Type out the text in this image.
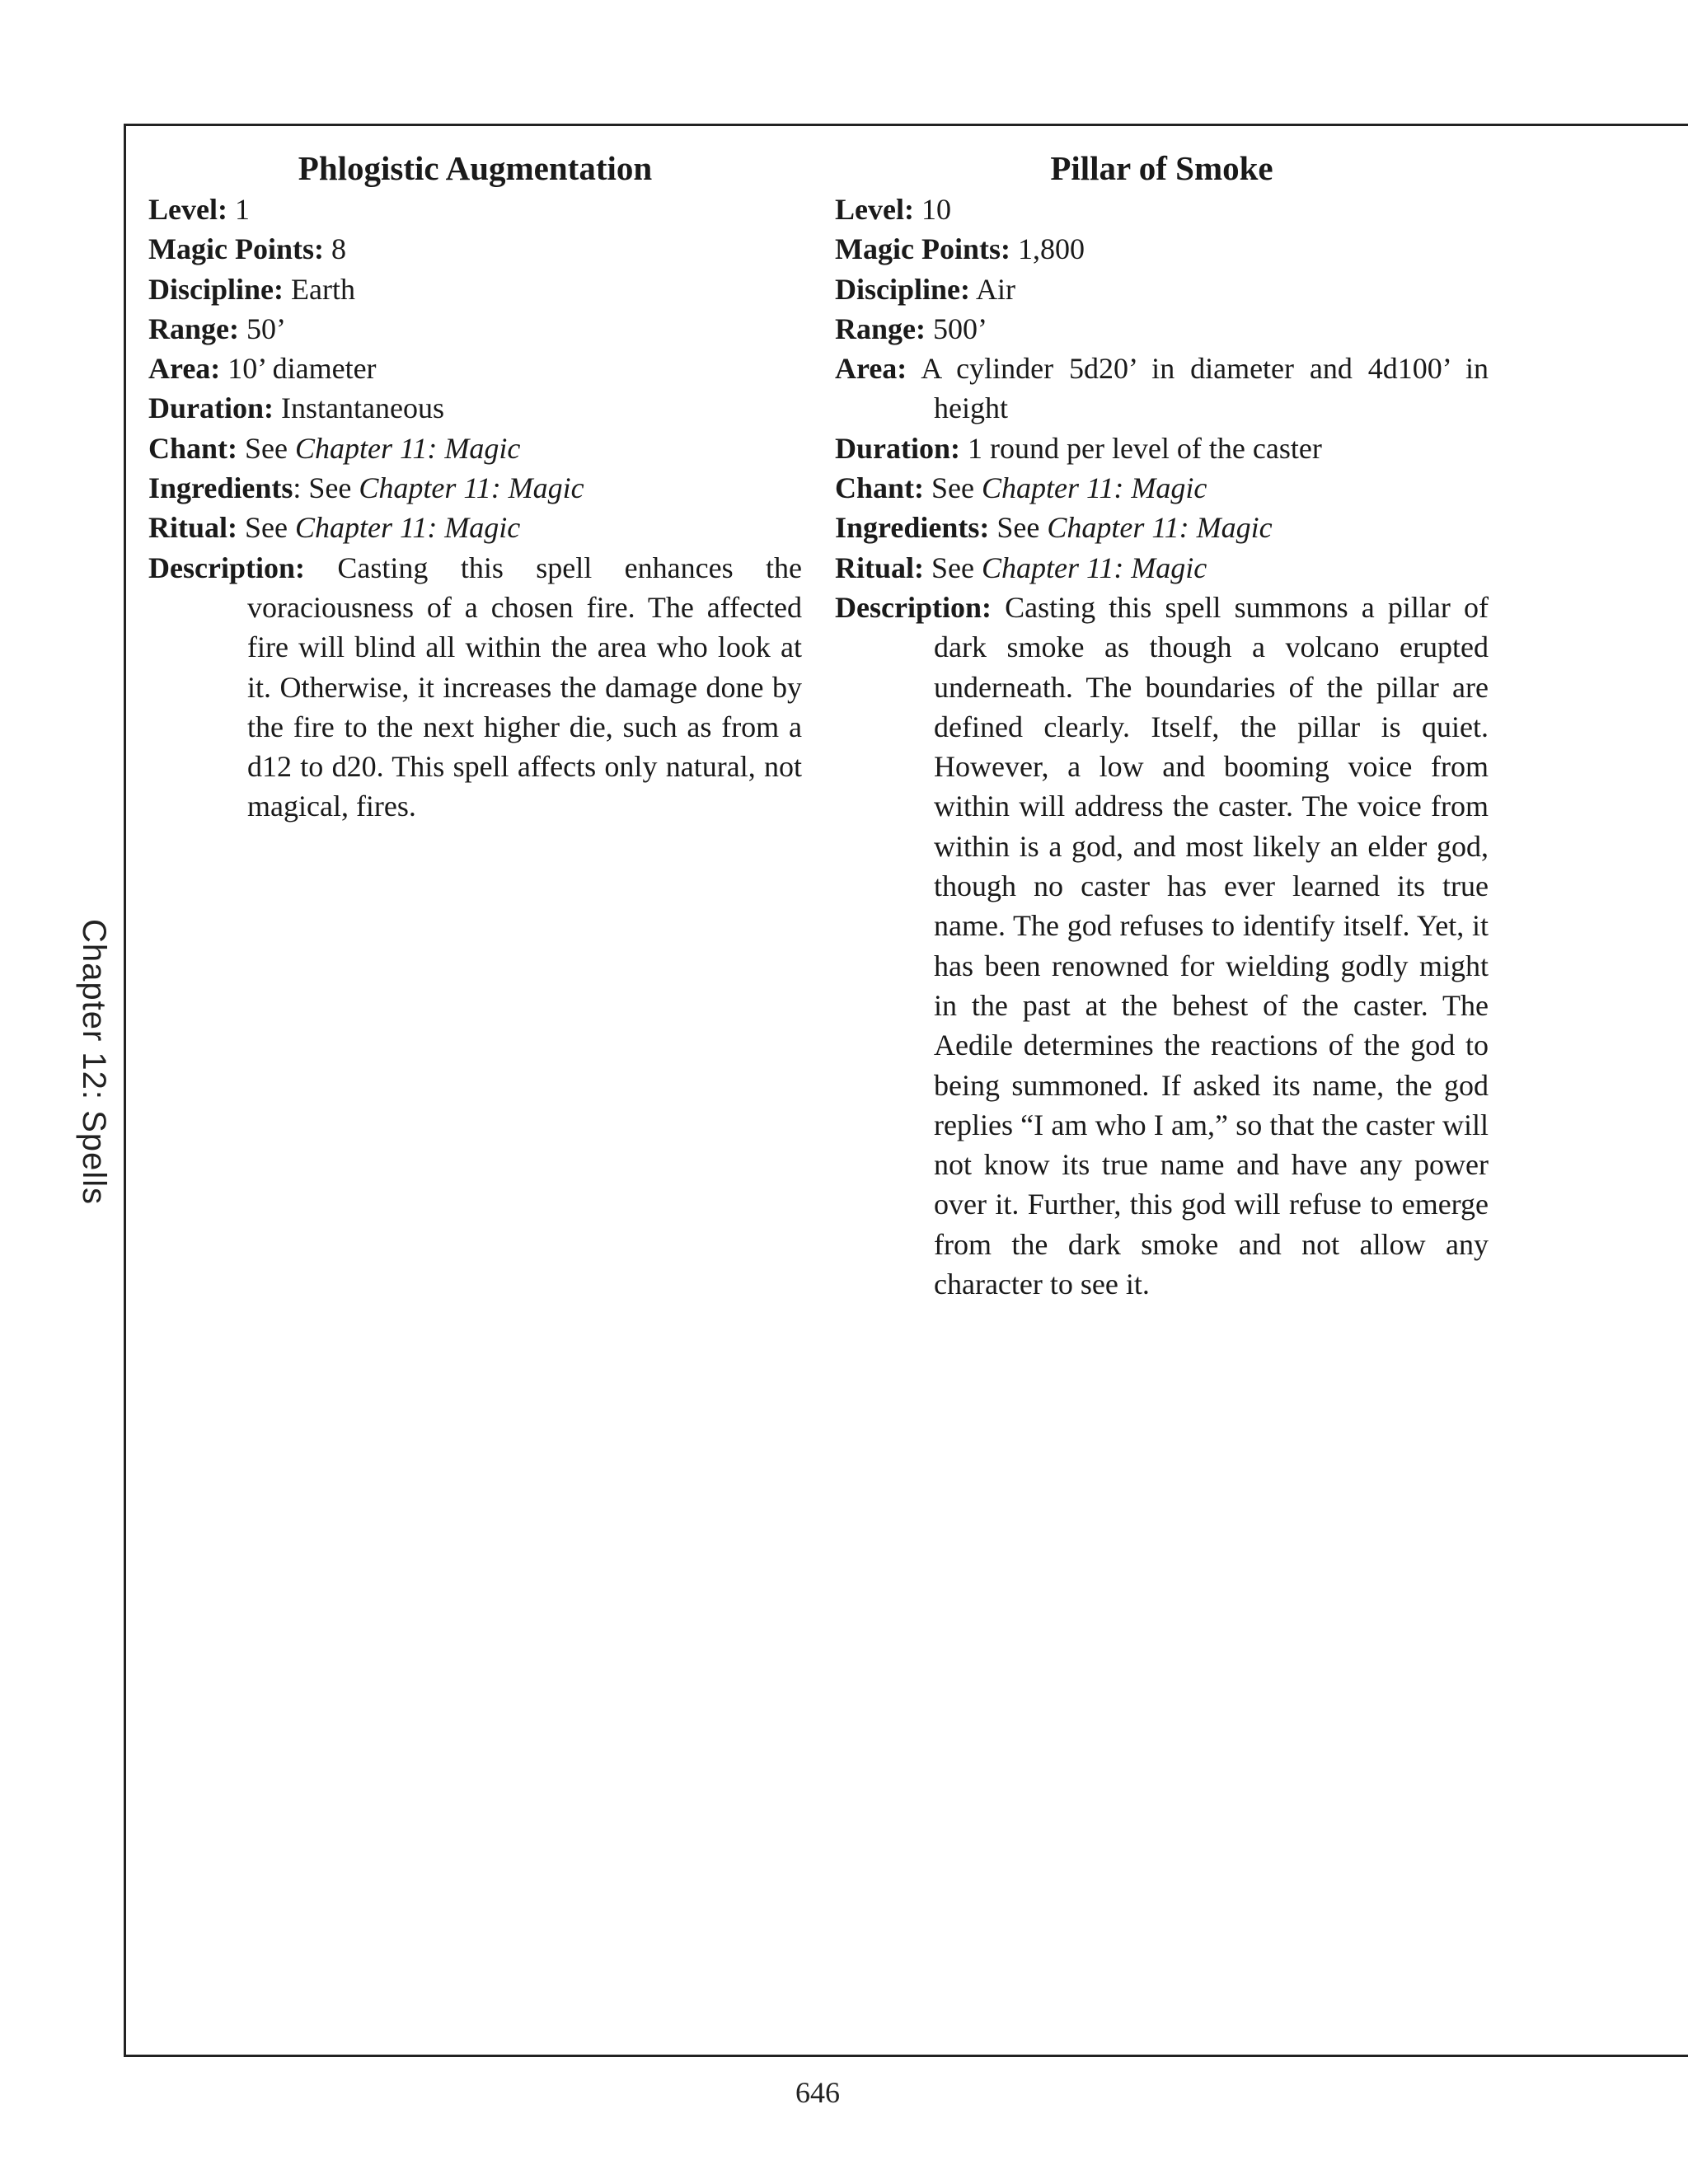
Chapter 12: Spells
Phlogistic Augmentation

Level: 1

Magic Points: 8

Discipline: Earth

Range: 50’

Area: 10’ diameter

Duration: Instantaneous

Chant: See Chapter 11: Magic

Ingredients: See Chapter 11: Magic

Ritual: See Chapter 11: Magic

Description: Casting this spell enhances the voraciousness of a chosen fire. The affected fire will blind all within the area who look at it. Otherwise, it increases the damage done by the fire to the next higher die, such as from a d12 to d20. This spell affects only natural, not magical, fires.

Pillar of Smoke

Level: 10

Magic Points: 1,800

Discipline: Air

Range: 500’

Area: A cylinder 5d20’ in diameter and 4d100’ in height

Duration: 1 round per level of the caster

Chant: See Chapter 11: Magic

Ingredients: See Chapter 11: Magic

Ritual: See Chapter 11: Magic

Description: Casting this spell summons a pillar of dark smoke as though a volcano erupted underneath. The boundaries of the pillar are defined clearly. Itself, the pillar is quiet. However, a low and booming voice from within will address the caster. The voice from within is a god, and most likely an elder god, though no caster has ever learned its true name. The god refuses to identify itself. Yet, it has been renowned for wielding godly might in the past at the behest of the caster. The Aedile determines the reactions of the god to being summoned. If asked its name, the god replies “I am who I am,” so that the caster will not know its true name and have any power over it. Further, this god will refuse to emerge from the dark smoke and not allow any character to see it.

646
